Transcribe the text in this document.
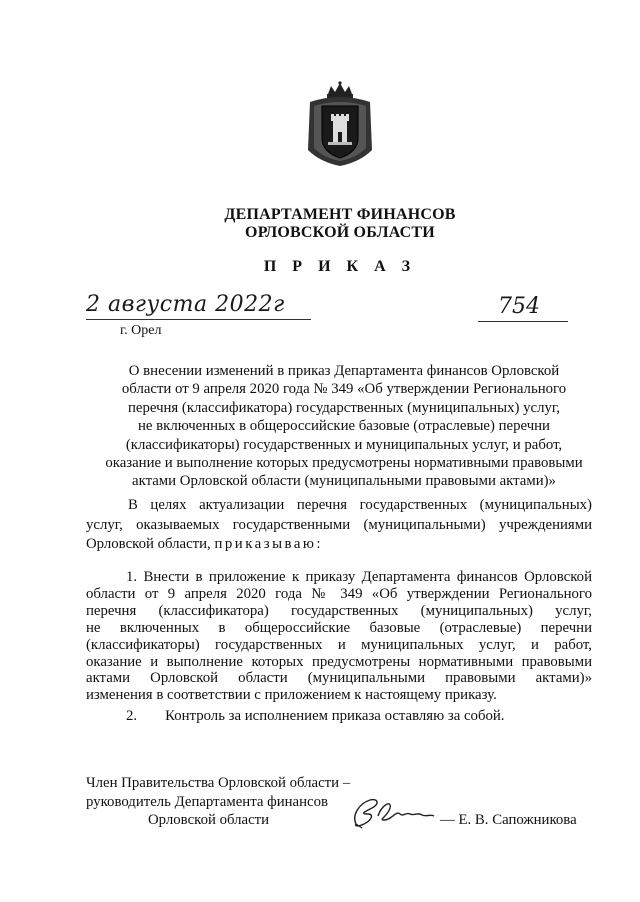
ДЕПАРТАМЕНТ ФИНАНСОВ
ОРЛОВСКОЙ ОБЛАСТИ
П Р И К А З
2 августа 2022г	754
г. Орел
О внесении изменений в приказ Департамента финансов Орловской
области от 9 апреля 2020 года № 349 «Об утверждении Регионального
перечня (классификатора) государственных (муниципальных) услуг,
не включенных в общероссийские базовые (отраслевые) перечни
(классификаторы) государственных и муниципальных услуг, и работ,
оказание и выполнение которых предусмотрены нормативными правовыми
актами Орловской области (муниципальными правовыми актами)»
В целях актуализации перечня государственных (муниципальных)
услуг, оказываемых государственными (муниципальными) учреждениями
Орловской области, приказываю:
1. Внести в приложение к приказу Департамента финансов Орловской
области от 9 апреля 2020 года № 349 «Об утверждении Регионального
перечня (классификатора) государственных (муниципальных) услуг,
не включенных в общероссийские базовые (отраслевые) перечни
(классификаторы) государственных и муниципальных услуг, и работ,
оказание и выполнение которых предусмотрены нормативными правовыми
актами Орловской области (муниципальными правовыми актами)»
изменения в соответствии с приложением к настоящему приказу.
2. Контроль за исполнением приказа оставляю за собой.
Член Правительства Орловской области –
руководитель Департамента финансов
Орловской области	— Е. В. Сапожникова
